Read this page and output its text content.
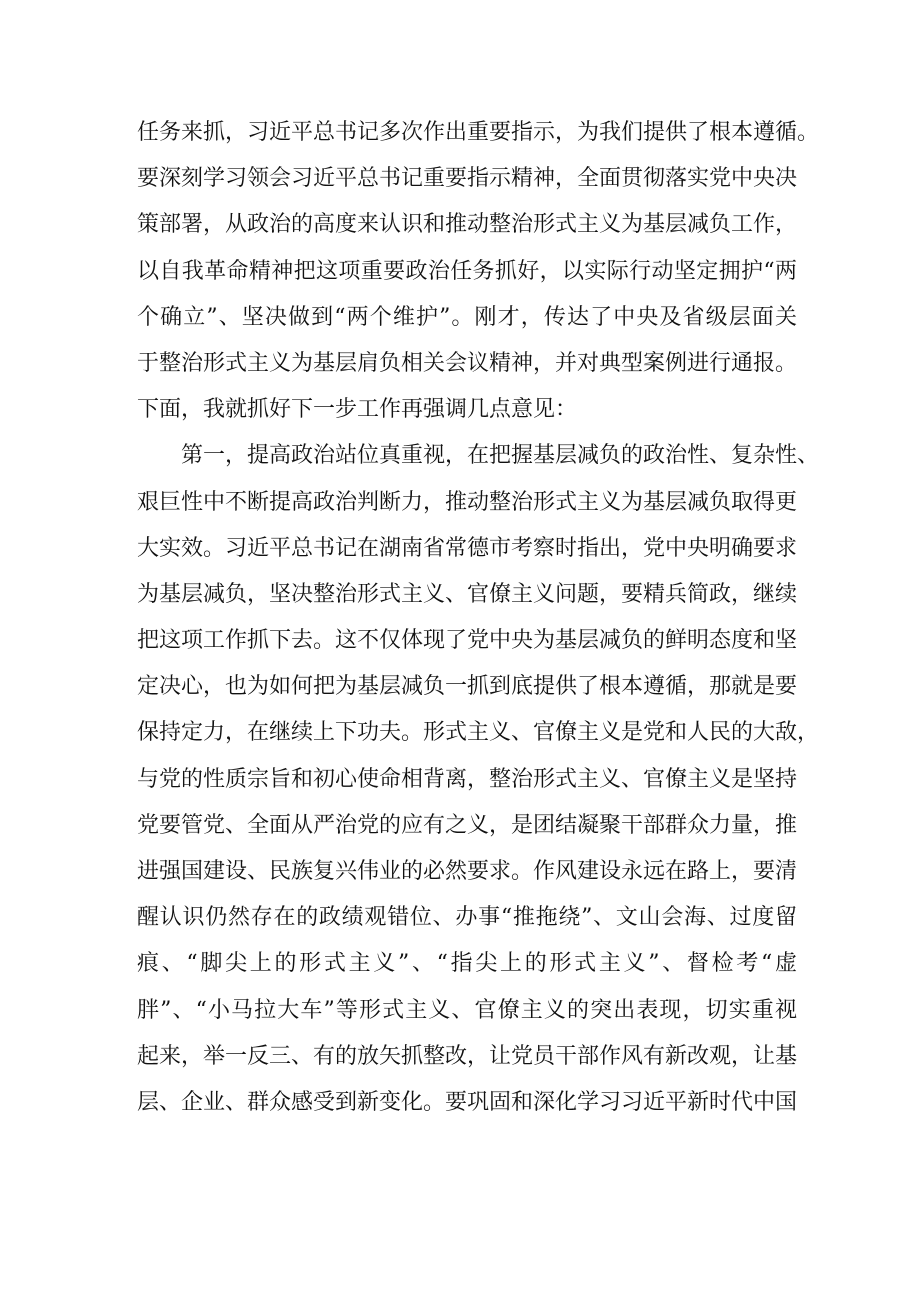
任务来抓，习近平总书记多次作出重要指示，为我们提供了根本遵循。
要深刻学习领会习近平总书记重要指示精神，全面贯彻落实党中央决
策部署，从政治的高度来认识和推动整治形式主义为基层减负工作，
以自我革命精神把这项重要政治任务抓好，以实际行动坚定拥护“两
个确立”、坚决做到“两个维护”。刚才，传达了中央及省级层面关
于整治形式主义为基层肩负相关会议精神，并对典型案例进行通报。
下面，我就抓好下一步工作再强调几点意见：
第一，提高政治站位真重视，在把握基层减负的政治性、复杂性、
艰巨性中不断提高政治判断力，推动整治形式主义为基层减负取得更
大实效。习近平总书记在湖南省常德市考察时指出，党中央明确要求
为基层减负，坚决整治形式主义、官僚主义问题，要精兵简政，继续
把这项工作抓下去。这不仅体现了党中央为基层减负的鲜明态度和坚
定决心，也为如何把为基层减负一抓到底提供了根本遵循，那就是要
保持定力，在继续上下功夫。形式主义、官僚主义是党和人民的大敌，
与党的性质宗旨和初心使命相背离，整治形式主义、官僚主义是坚持
党要管党、全面从严治党的应有之义，是团结凝聚干部群众力量，推
进强国建设、民族复兴伟业的必然要求。作风建设永远在路上，要清
醒认识仍然存在的政绩观错位、办事“推拖绕”、文山会海、过度留
痕、“脚尖上的形式主义”、“指尖上的形式主义”、督检考“虚
胖”、“小马拉大车”等形式主义、官僚主义的突出表现，切实重视
起来，举一反三、有的放矢抓整改，让党员干部作风有新改观，让基
层、企业、群众感受到新变化。要巩固和深化学习习近平新时代中国
